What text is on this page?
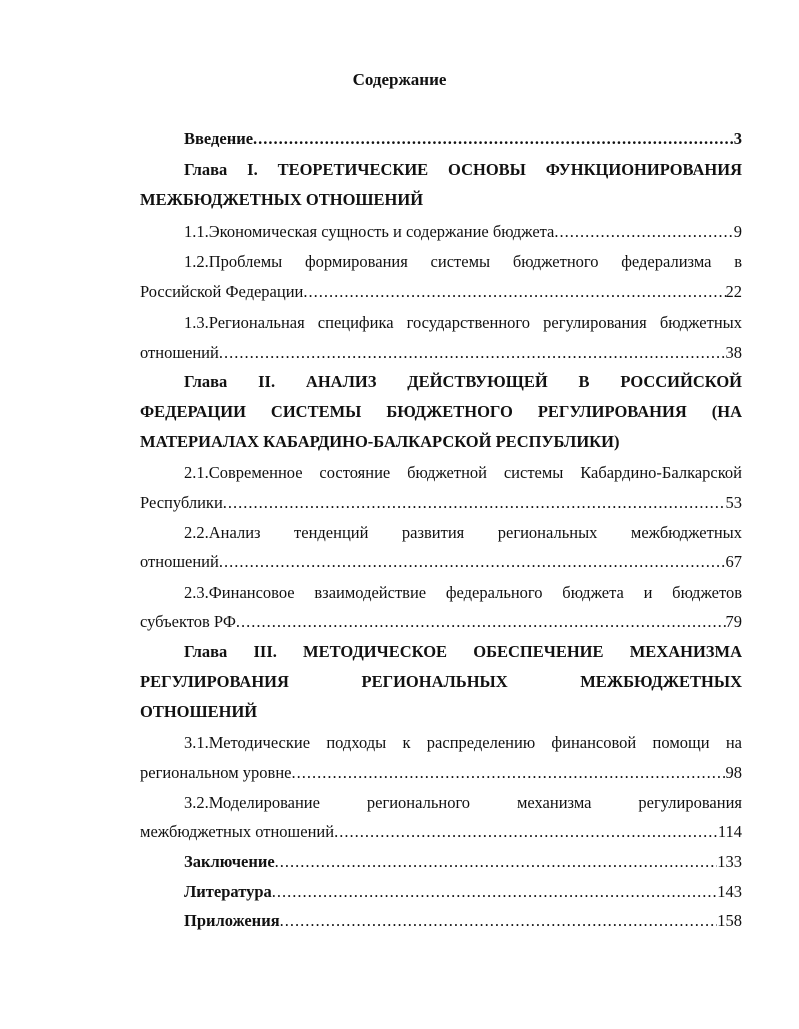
Содержание
Введение .....	3
Глава I. ТЕОРЕТИЧЕСКИЕ ОСНОВЫ ФУНКЦИОНИРОВАНИЯ
МЕЖБЮДЖЕТНЫХ ОТНОШЕНИЙ
1.1.Экономическая сущность и содержание бюджета .....	9
1.2.Проблемы формирования системы бюджетного федерализма в
Российской Федерации .....	22
1.3.Региональная специфика государственного регулирования бюджетных
отношений .....	38
Глава II. АНАЛИЗ ДЕЙСТВУЮЩЕЙ В РОССИЙСКОЙ
ФЕДЕРАЦИИ СИСТЕМЫ БЮДЖЕТНОГО РЕГУЛИРОВАНИЯ (НА
МАТЕРИАЛАХ КАБАРДИНО-БАЛКАРСКОЙ РЕСПУБЛИКИ)
2.1.Современное состояние бюджетной системы Кабардино-Балкарской
Республики .....	53
2.2.Анализ тенденций развития региональных межбюджетных
отношений .....	67
2.3.Финансовое взаимодействие федерального бюджета и бюджетов
субъектов РФ .....	79
Глава III. МЕТОДИЧЕСКОЕ ОБЕСПЕЧЕНИЕ МЕХАНИЗМА
РЕГУЛИРОВАНИЯ РЕГИОНАЛЬНЫХ МЕЖБЮДЖЕТНЫХ
ОТНОШЕНИЙ
3.1.Методические подходы к распределению финансовой помощи на
региональном уровне .....	98
3.2.Моделирование регионального механизма регулирования
межбюджетных отношений .....	114
Заключение .....	133
Литература .....	143
Приложения .....	158
